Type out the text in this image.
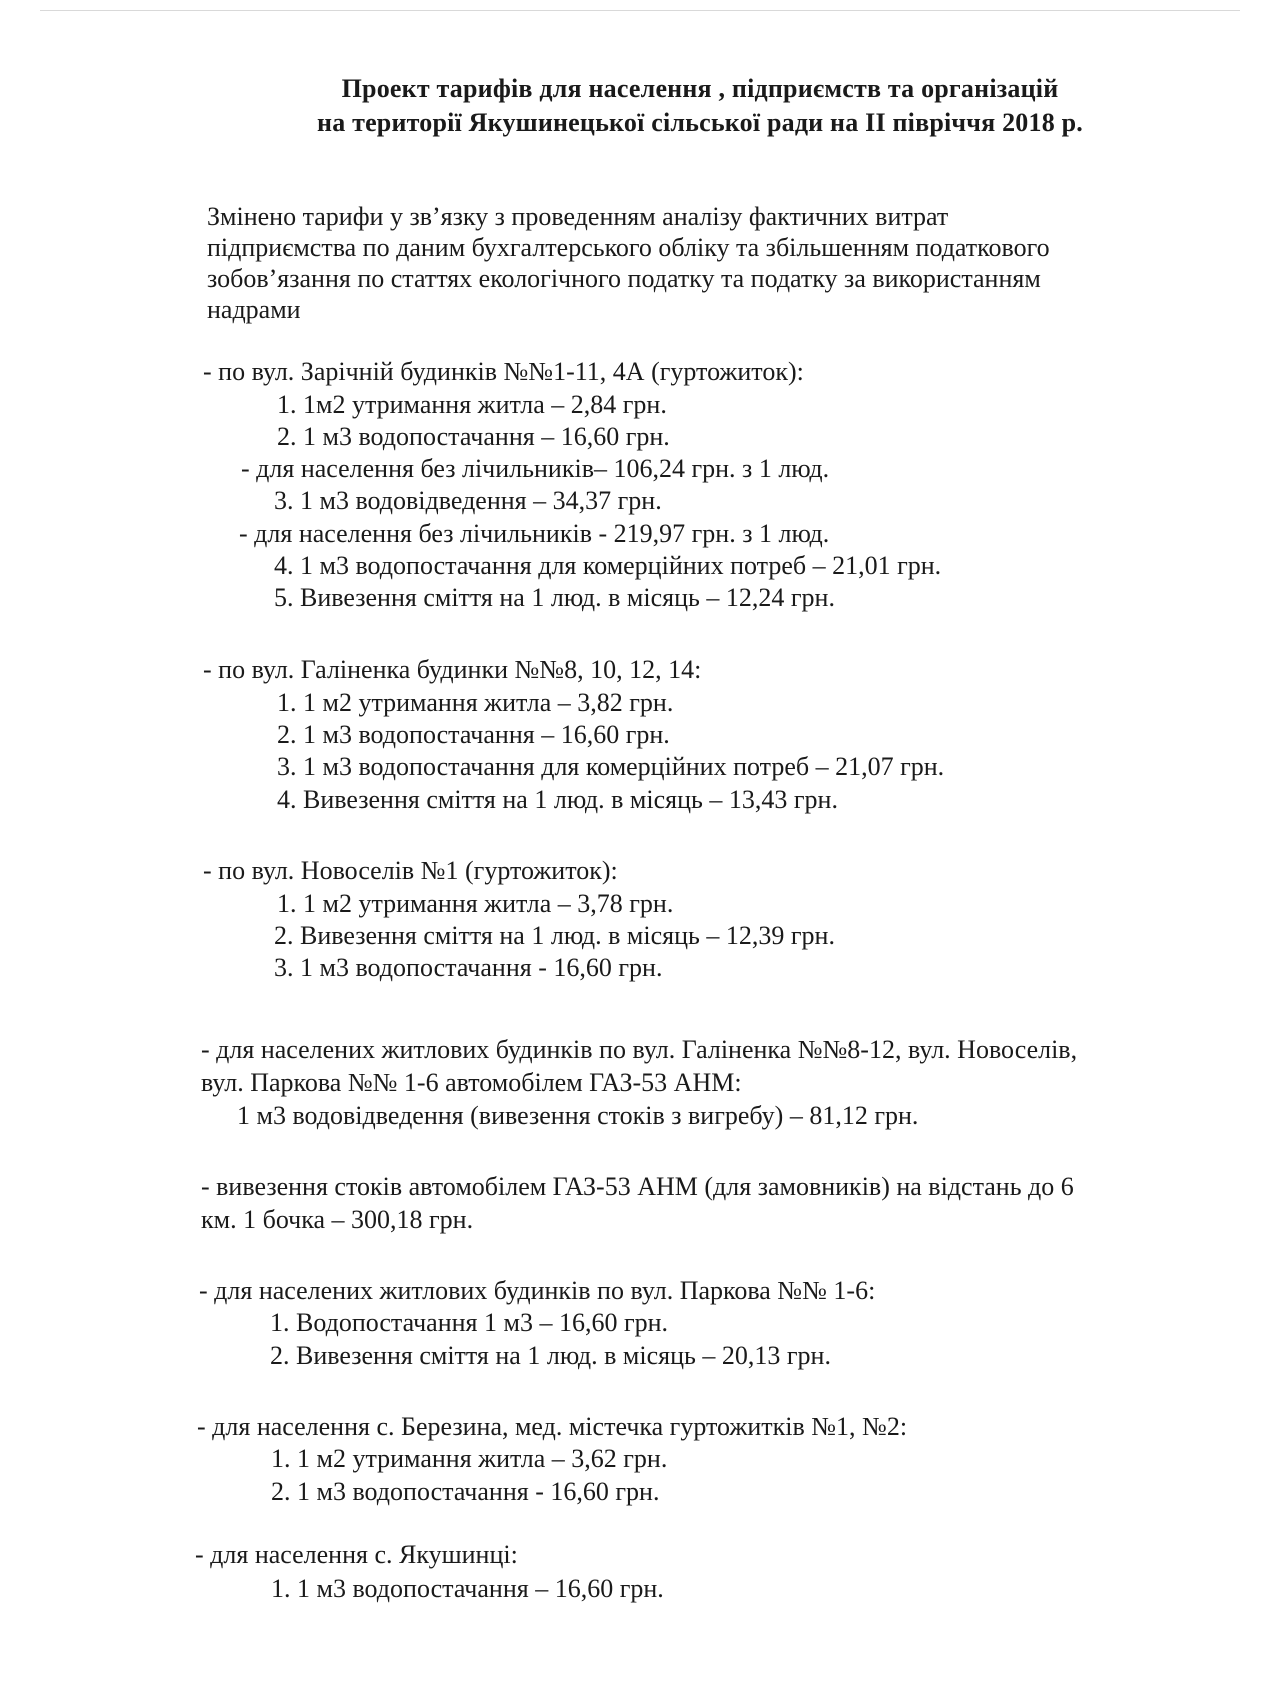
Проект тарифів для населення , підприємств та організацій
на території Якушинецької сільської ради на ІІ півріччя 2018 р.
Змінено тарифи у зв’язку з проведенням аналізу фактичних витрат
підприємства по даним бухгалтерського обліку та збільшенням податкового
зобов’язання по статтях екологічного податку та податку за використанням
надрами
- по вул. Зарічній будинків №№1-11, 4А (гуртожиток):
1. 1м2 утримання житла – 2,84 грн.
2. 1 м3 водопостачання – 16,60 грн.
- для населення без лічильників– 106,24 грн. з 1 люд.
3. 1 м3 водовідведення – 34,37 грн.
- для населення без лічильників - 219,97 грн. з 1 люд.
4. 1 м3 водопостачання для комерційних потреб – 21,01 грн.
5. Вивезення сміття на 1 люд. в місяць – 12,24 грн.
- по вул. Галіненка будинки №№8, 10, 12, 14:
1. 1 м2 утримання житла – 3,82 грн.
2. 1 м3 водопостачання – 16,60 грн.
3. 1 м3 водопостачання для комерційних потреб – 21,07 грн.
4. Вивезення сміття на 1 люд. в місяць – 13,43 грн.
- по вул. Новоселів №1 (гуртожиток):
1. 1 м2 утримання житла – 3,78 грн.
2. Вивезення сміття на 1 люд. в місяць – 12,39 грн.
3. 1 м3 водопостачання - 16,60 грн.
- для населених житлових будинків по вул. Галіненка №№8-12, вул. Новоселів,
вул. Паркова №№ 1-6 автомобілем ГАЗ-53 АНМ:
1 м3 водовідведення (вивезення стоків з вигребу) – 81,12 грн.
- вивезення стоків автомобілем ГАЗ-53 АНМ (для замовників) на відстань до 6
км. 1 бочка – 300,18 грн.
- для населених житлових будинків по вул. Паркова №№ 1-6:
1. Водопостачання 1 м3 – 16,60 грн.
2. Вивезення сміття на 1 люд. в місяць – 20,13 грн.
- для населення с. Березина, мед. містечка гуртожитків №1, №2:
1. 1 м2 утримання житла – 3,62 грн.
2. 1 м3 водопостачання - 16,60 грн.
- для населення с. Якушинці:
1. 1 м3 водопостачання – 16,60 грн.
